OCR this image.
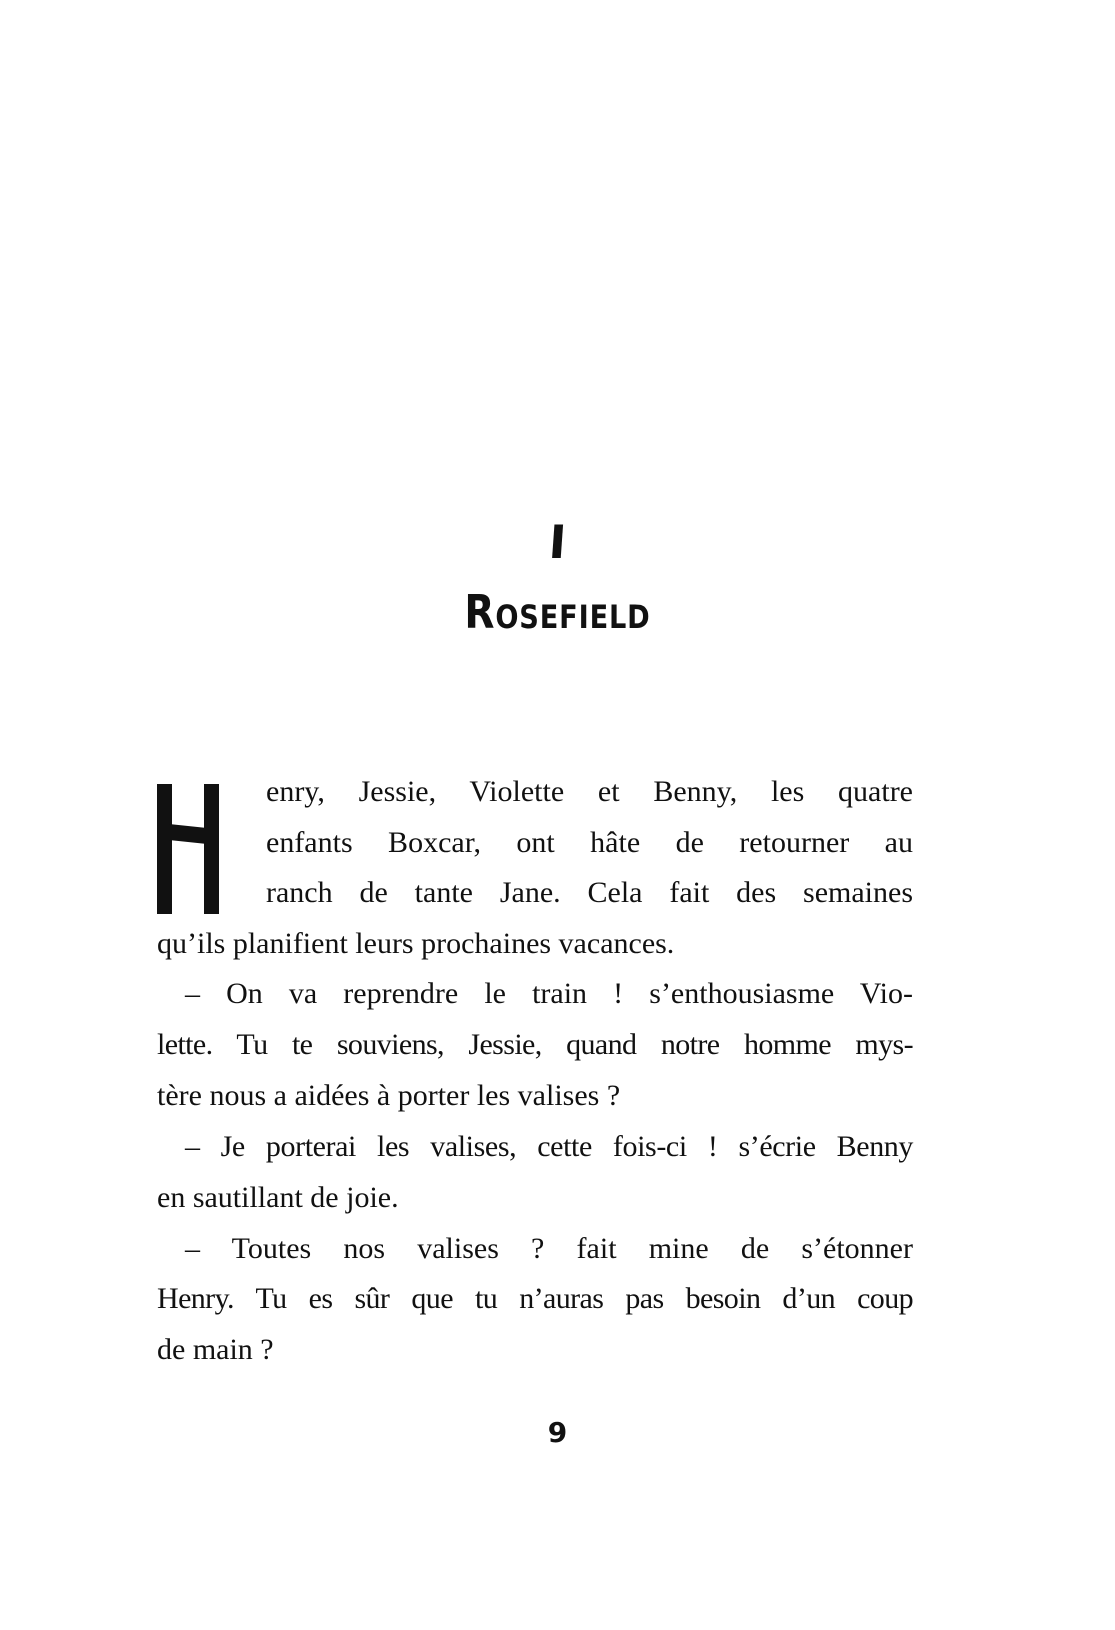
I
Rosefield
enry, Jessie, Violette et Benny, les quatre
enfants Boxcar, ont hâte de retourner au
ranch de tante Jane. Cela fait des semaines
qu’ils planifient leurs prochaines vacances.
– On va reprendre le train ! s’enthousiasme Vio-
lette. Tu te souviens, Jessie, quand notre homme mys-
tère nous a aidées à porter les valises ?
– Je porterai les valises, cette fois-ci ! s’écrie Benny
en sautillant de joie.
– Toutes nos valises ? fait mine de s’étonner
Henry. Tu es sûr que tu n’auras pas besoin d’un coup
de main ?
9
